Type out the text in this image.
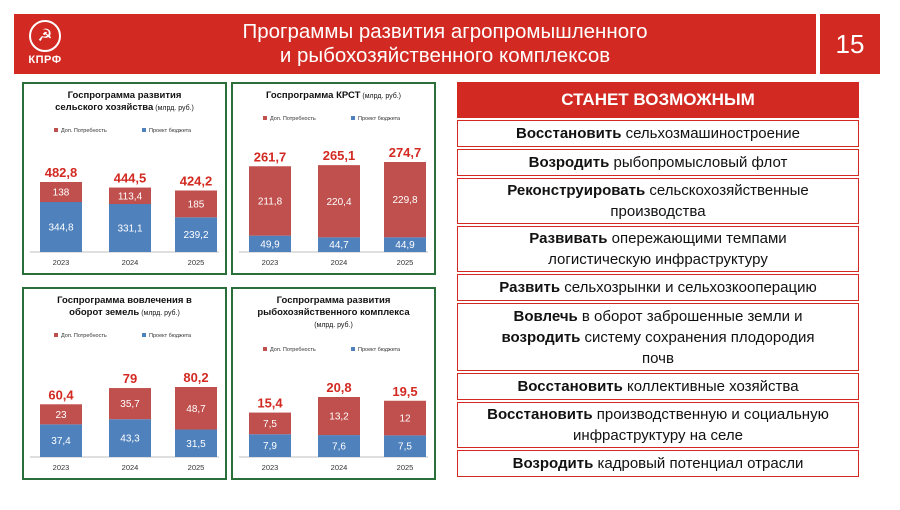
☭
КПРФ
Программы развития агропромышленного
и рыбохозяйственного комплексов	15
Госпрограмма развития
сельского хозяйства (млрд. руб.)
Доп. Потребность	Проект бюджета
344,8
138
482,8
2023
331,1
113,4
444,5
2024
239,2
185
424,2
2025
Госпрограмма КРСТ (млрд. руб.)
Доп. Потребность	Проект бюджета
49,9
211,8
261,7
2023
44,7
220,4
265,1
2024
44,9
229,8
274,7
2025
Госпрограмма вовлечения в
оборот земель (млрд. руб.)
Доп. Потребность	Проект бюджета
37,4
23
60,4
2023
43,3
35,7
79
2024
31,5
48,7
80,2
2025
Госпрограмма развития
рыбохозяйственного комплекса
(млрд. руб.)
Доп. Потребность	Проект бюджета
7,9
7,5
15,4
2023
7,6
13,2
20,8
2024
7,5
12
19,5
2025
СТАНЕТ ВОЗМОЖНЫМ
Восстановить сельхозмашиностроение
Возродить рыбопромысловый флот
Реконструировать сельскохозяйственные
производства
Развивать опережающими темпами
логистическую инфраструктуру
Развить сельхозрынки и сельхозкооперацию
Вовлечь в оборот заброшенные земли и
возродить систему сохранения плодородия
почв
Восстановить коллективные хозяйства
Восстановить производственную и социальную
инфраструктуру на селе
Возродить кадровый потенциал отрасли
